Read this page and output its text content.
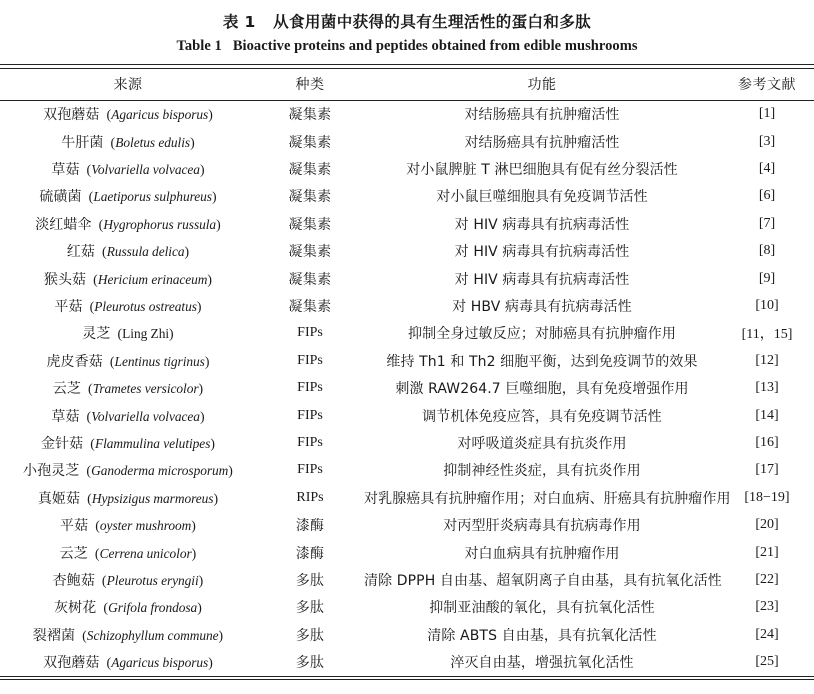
表 1   从食用菌中获得的具有生理活性的蛋白和多肽
Table 1   Bioactive proteins and peptides obtained from edible mushrooms
来源	种类	功能	参考文献
双孢蘑菇 (Agaricus bisporus)	凝集素	对结肠癌具有抗肿瘤活性	[1]
牛肝菌 (Boletus edulis)	凝集素	对结肠癌具有抗肿瘤活性	[3]
草菇 (Volvariella volvacea)	凝集素	对小鼠脾脏 T 淋巴细胞具有促有丝分裂活性	[4]
硫磺菌 (Laetiporus sulphureus)	凝集素	对小鼠巨噬细胞具有免疫调节活性	[6]
淡红蜡伞 (Hygrophorus russula)	凝集素	对 HIV 病毒具有抗病毒活性	[7]
红菇 (Russula delica)	凝集素	对 HIV 病毒具有抗病毒活性	[8]
猴头菇 (Hericium erinaceum)	凝集素	对 HIV 病毒具有抗病毒活性	[9]
平菇 (Pleurotus ostreatus)	凝集素	对 HBV 病毒具有抗病毒活性	[10]
灵芝 (Ling Zhi)	FIPs	抑制全身过敏反应；对肺癌具有抗肿瘤作用	[11，15]
虎皮香菇 (Lentinus tigrinus)	FIPs	维持 Th1 和 Th2 细胞平衡，达到免疫调节的效果	[12]
云芝 (Trametes versicolor)	FIPs	刺激 RAW264.7 巨噬细胞，具有免疫增强作用	[13]
草菇 (Volvariella volvacea)	FIPs	调节机体免疫应答，具有免疫调节活性	[14]
金针菇 (Flammulina velutipes)	FIPs	对呼吸道炎症具有抗炎作用	[16]
小孢灵芝 (Ganoderma microsporum)	FIPs	抑制神经性炎症，具有抗炎作用	[17]
真姬菇 (Hypsizigus marmoreus)	RIPs	对乳腺癌具有抗肿瘤作用；对白血病、肝癌具有抗肿瘤作用	[18−19]
平菇 (oyster mushroom)	漆酶	对丙型肝炎病毒具有抗病毒作用	[20]
云芝 (Cerrena unicolor)	漆酶	对白血病具有抗肿瘤作用	[21]
杏鲍菇 (Pleurotus eryngii)	多肽	清除 DPPH 自由基、超氧阴离子自由基，具有抗氧化活性	[22]
灰树花 (Grifola frondosa)	多肽	抑制亚油酸的氧化，具有抗氧化活性	[23]
裂褶菌 (Schizophyllum commune)	多肽	清除 ABTS 自由基，具有抗氧化活性	[24]
双孢蘑菇 (Agaricus bisporus)	多肽	淬灭自由基，增强抗氧化活性	[25]
